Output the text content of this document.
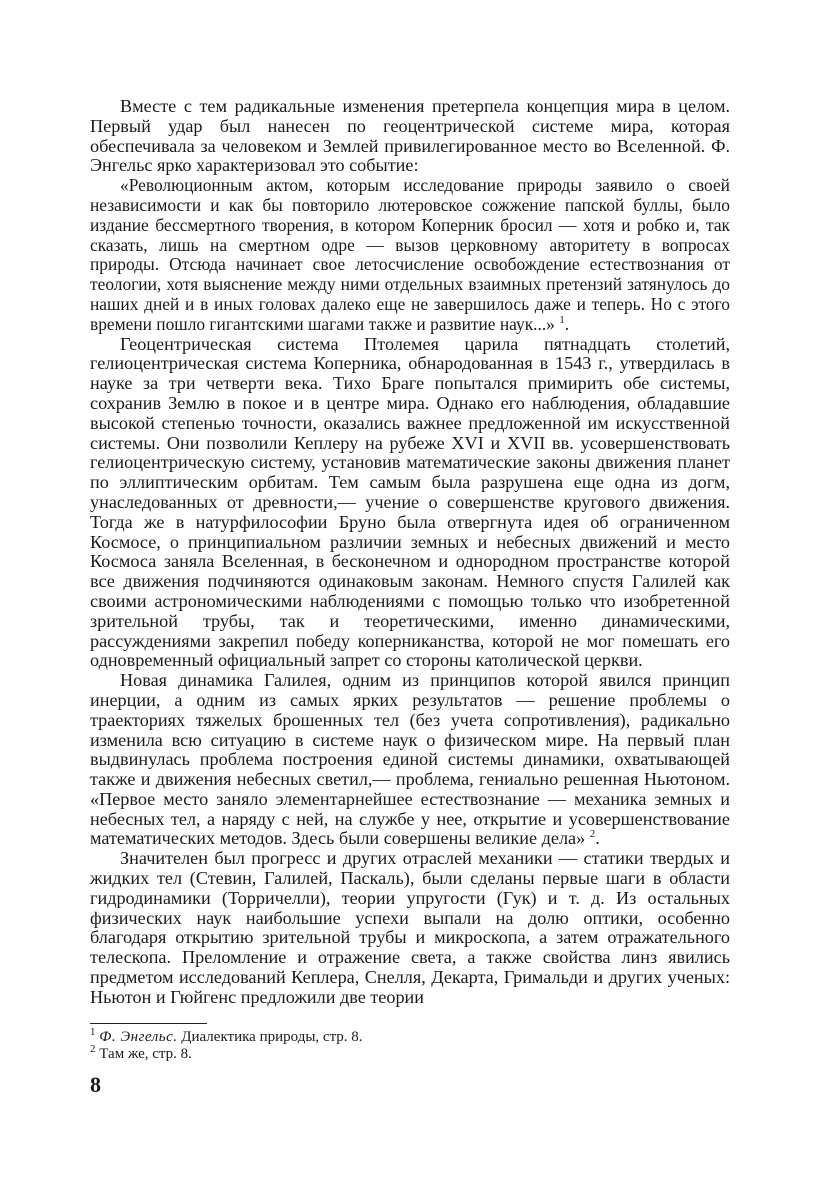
Вместе с тем радикальные изменения претерпела концепция мира в целом. Первый удар был нанесен по геоцентрической системе мира, которая обеспечивала за человеком и Землей привилегированное место во Вселенной. Ф. Энгельс ярко характеризовал это событие:

«Революционным актом, которым исследование природы заявило о своей независимости и как бы повторило лютеровское сожжение папской буллы, было издание бессмертного творения, в котором Коперник бросил — хотя и робко и, так сказать, лишь на смертном одре — вызов церковному авторитету в вопросах природы. Отсюда начинает свое летосчисление освобождение естествознания от теологии, хотя выяснение между ними отдельных взаимных претензий затянулось до наших дней и в иных головах далеко еще не завершилось даже и теперь. Но с этого времени пошло гигантскими шагами также и развитие наук...» $^1$.

Геоцентрическая система Птолемея царила пятнадцать столетий, гелиоцентрическая система Коперника, обнародованная в 1543 г., утвердилась в науке за три четверти века. Тихо Браге попытался примирить обе системы, сохранив Землю в покое и в центре мира. Однако его наблюдения, обладавшие высокой степенью точности, оказались важнее предложенной им искусственной системы. Они позволили Кеплеру на рубеже XVI и XVII вв. усовершенствовать гелиоцентрическую систему, установив математические законы движения планет по эллиптическим орбитам. Тем самым была разрушена еще одна из догм, унаследованных от древности,— учение о совершенстве кругового движения. Тогда же в натурфилософии Бруно была отвергнута идея об ограниченном Космосе, о принципиальном различии земных и небесных движений и место Космоса заняла Вселенная, в бесконечном и однородном пространстве которой все движения подчиняются одинаковым законам. Немного спустя Галилей как своими астрономическими наблюдениями с помощью только что изобретенной зрительной трубы, так и теоретическими, именно динамическими, рассуждениями закрепил победу коперниканства, которой не мог помешать его одновременный официальный запрет со стороны католической церкви.

Новая динамика Галилея, одним из принципов которой явился принцип инерции, а одним из самых ярких результатов — решение проблемы о траекториях тяжелых брошенных тел (без учета сопротивления), радикально изменила всю ситуацию в системе наук о физическом мире. На первый план выдвинулась проблема построения единой системы динамики, охватывающей также и движения небесных светил,— проблема, гениально решенная Ньютоном. «Первое место заняло элементарнейшее естествознание — механика земных и небесных тел, а наряду с ней, на службе у нее, открытие и усовершенствование математических методов. Здесь были совершены великие дела» $^2$.

Значителен был прогресс и других отраслей механики — статики твердых и жидких тел (Стевин, Галилей, Паскаль), были сделаны первые шаги в области гидродинамики (Торричелли), теории упругости (Гук) и т. д. Из остальных физических наук наибольшие успехи выпали на долю оптики, особенно благодаря открытию зрительной трубы и микроскопа, а затем отражательного телескопа. Преломление и отражение света, а также свойства линз явились предметом исследований Кеплера, Снелля, Декарта, Гримальди и других ученых: Ньютон и Гюйгенс предложили две теории

$^1$ Ф. Энгельс. Диалектика природы, стр. 8.

$^2$ Там же, стр. 8.

8
